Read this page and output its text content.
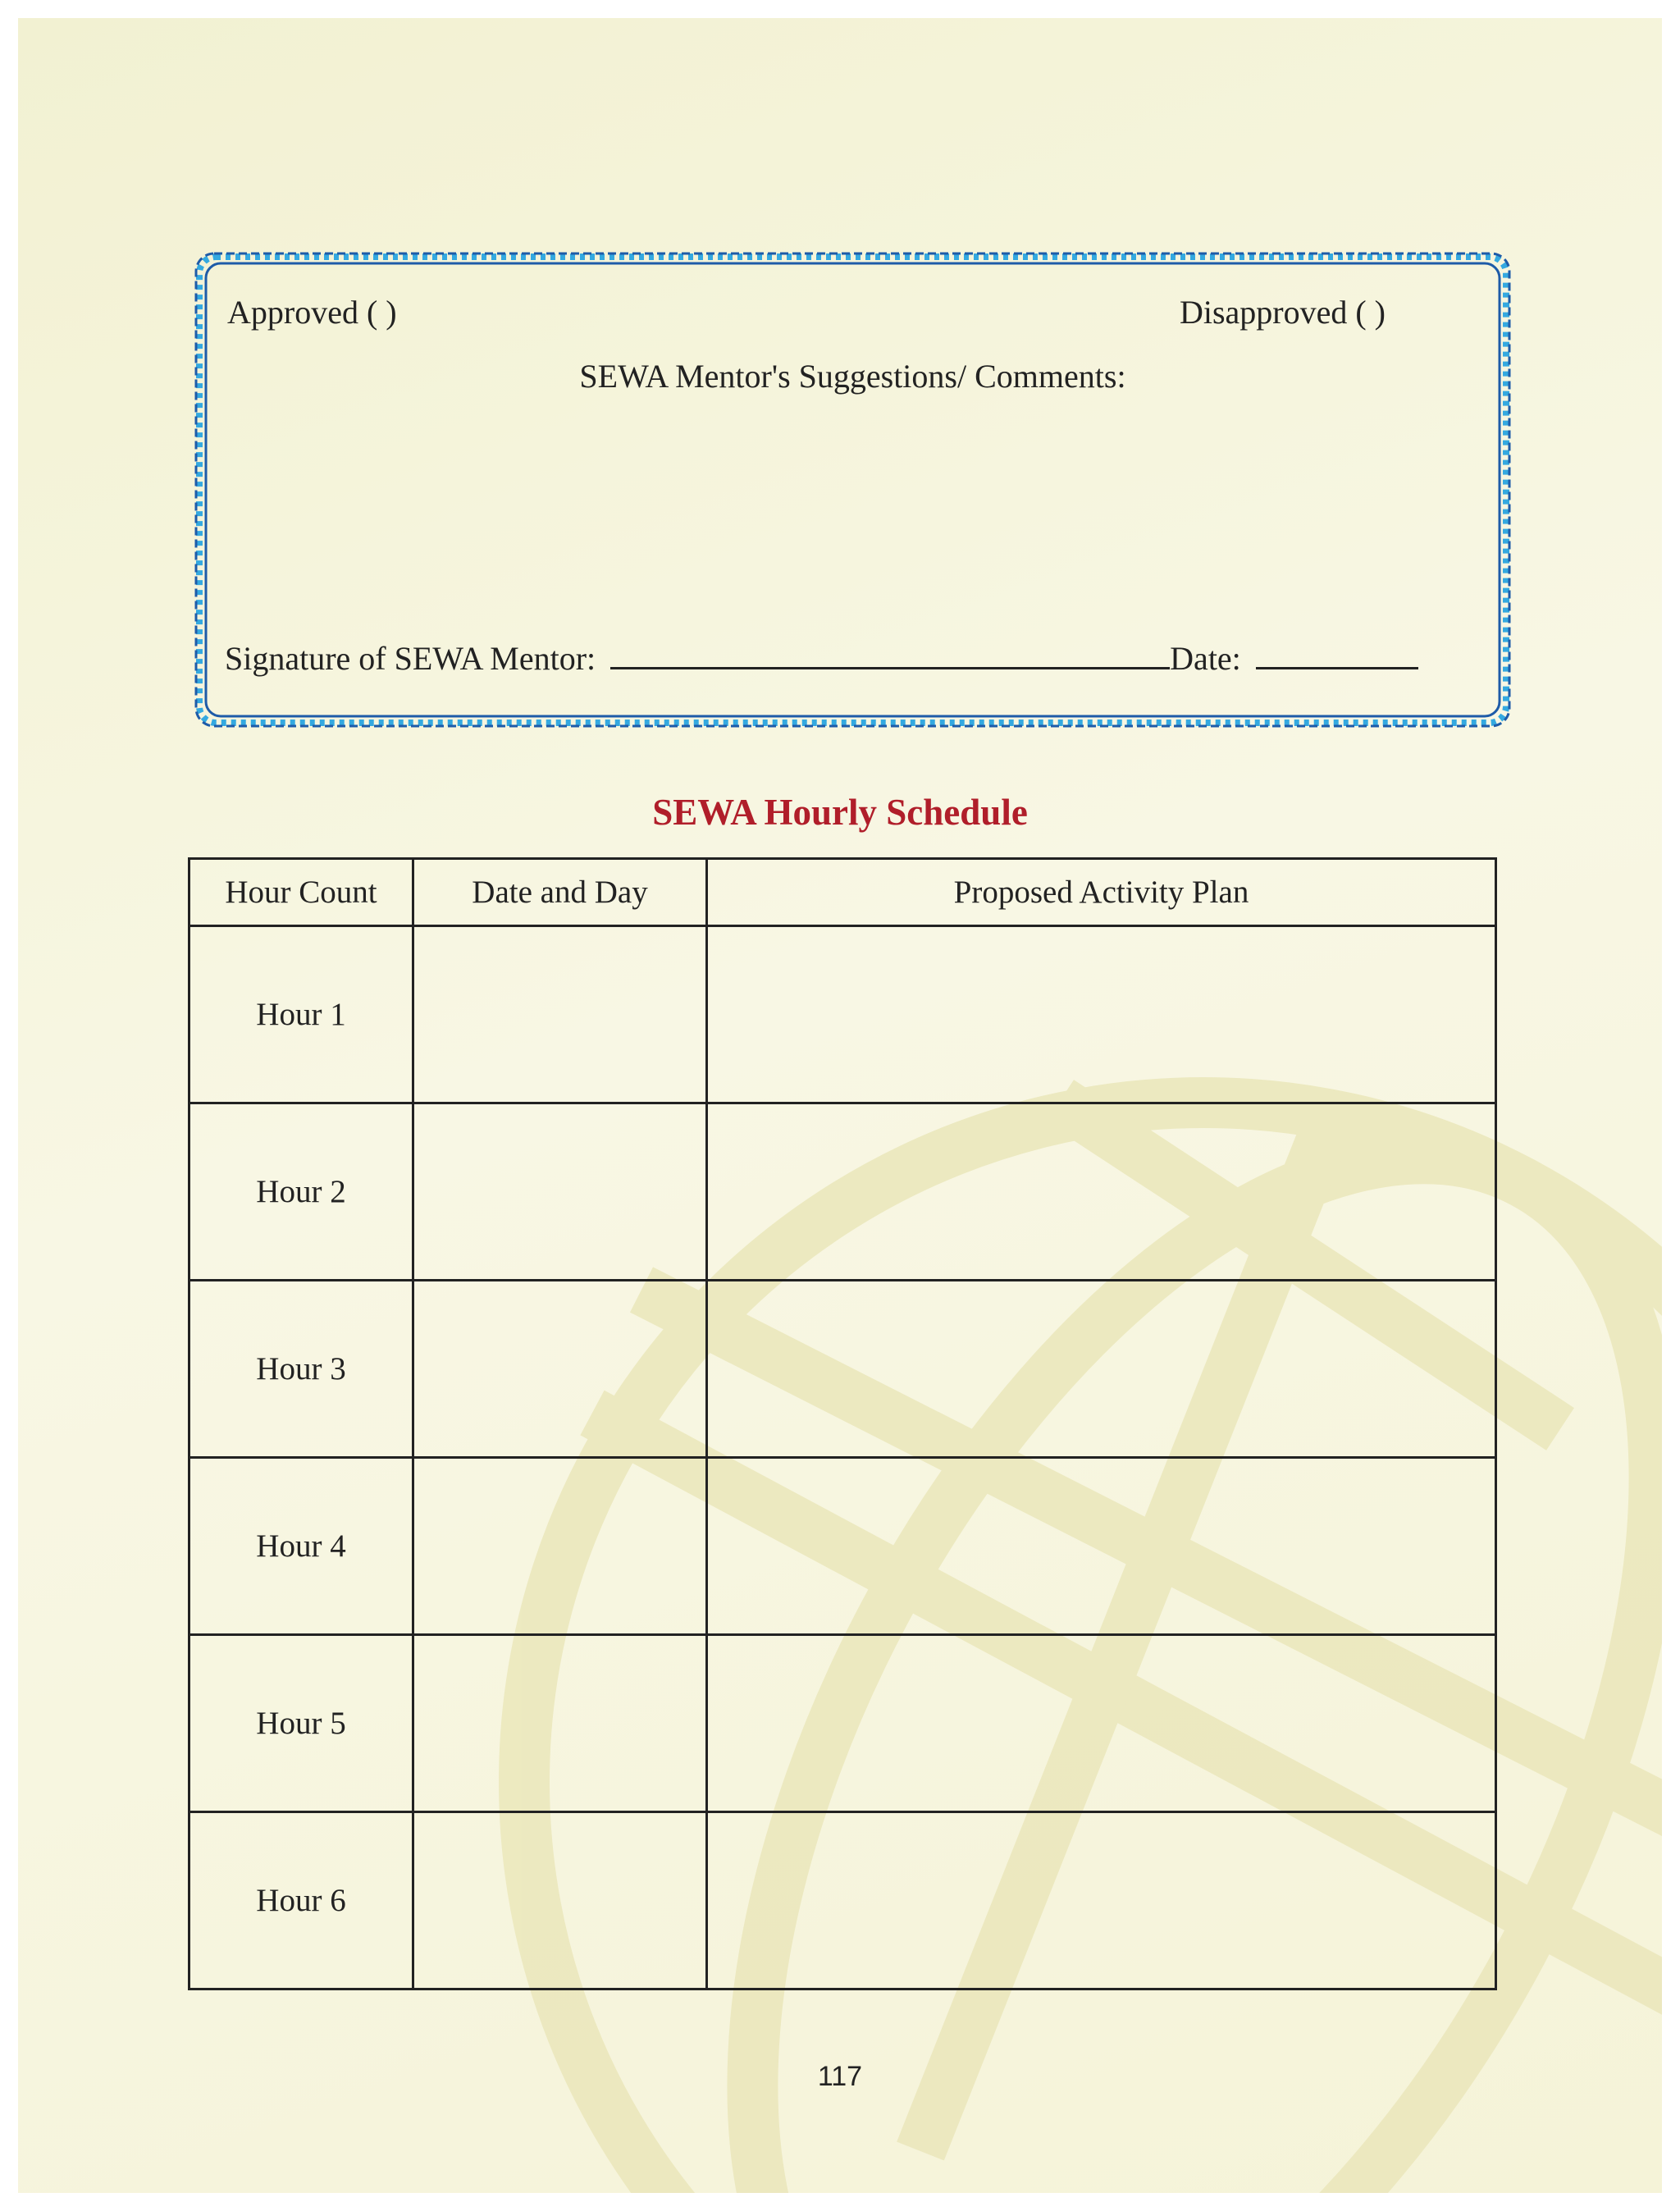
Approved ( )	Disapproved ( )
SEWA Mentor's Suggestions/ Comments:
Signature of SEWA Mentor:	Date:
SEWA Hourly Schedule
Hour Count	Date and Day	Proposed Activity Plan
Hour 1		
Hour 2		
Hour 3		
Hour 4		
Hour 5		
Hour 6		
117
